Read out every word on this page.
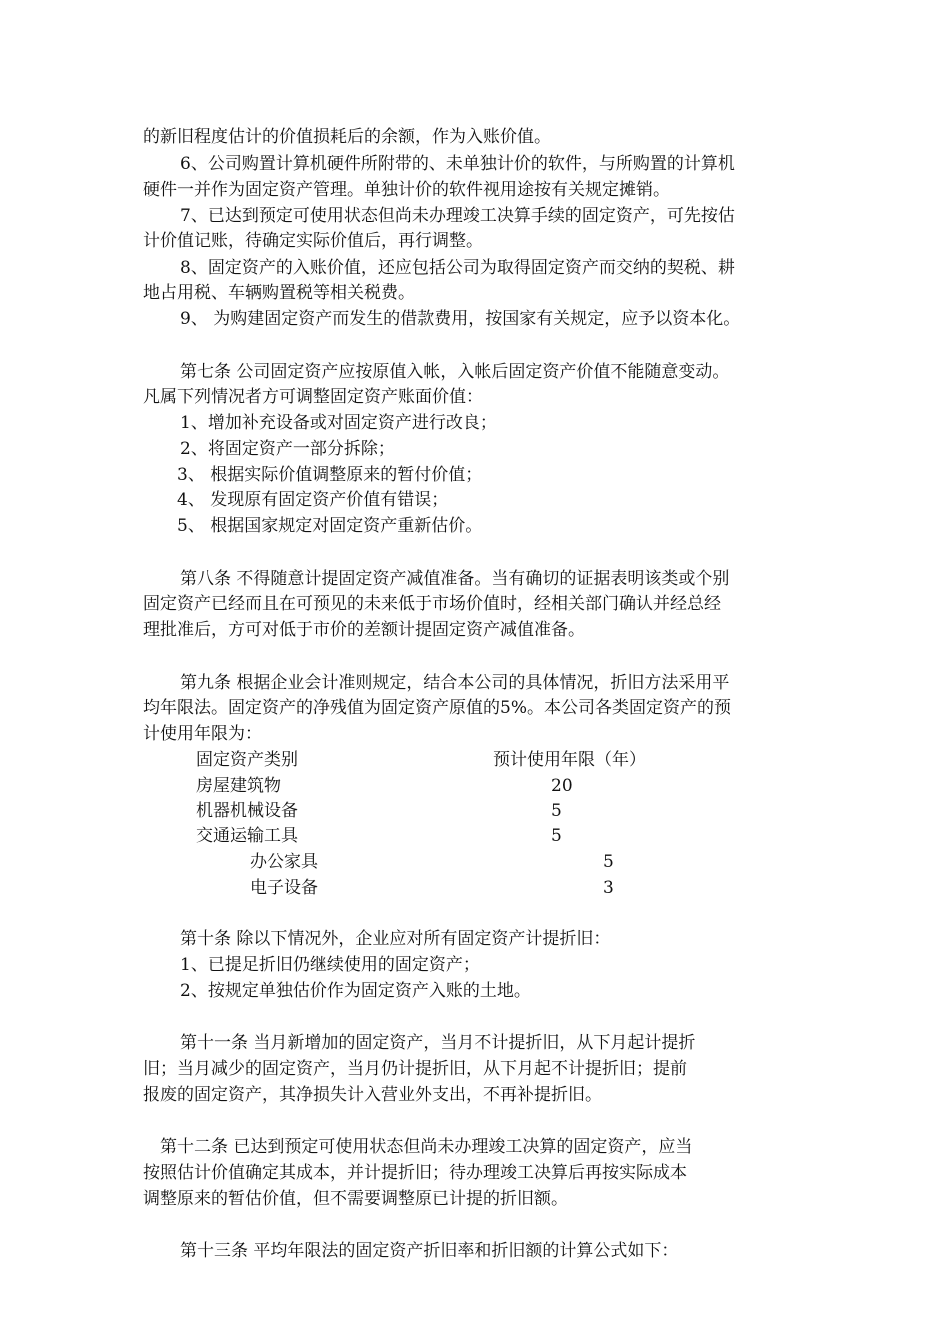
的新旧程度估计的价值损耗后的余额，作为入账价值。
6、公司购置计算机硬件所附带的、未单独计价的软件，与所购置的计算机
硬件一并作为固定资产管理。单独计价的软件视用途按有关规定摊销。
7、已达到预定可使用状态但尚未办理竣工决算手续的固定资产，可先按估
计价值记账，待确定实际价值后，再行调整。
8、固定资产的入账价值，还应包括公司为取得固定资产而交纳的契税、耕
地占用税、车辆购置税等相关税费。
9、 为购建固定资产而发生的借款费用，按国家有关规定，应予以资本化。
第七条 公司固定资产应按原值入帐，入帐后固定资产价值不能随意变动。
凡属下列情况者方可调整固定资产账面价值：
1、增加补充设备或对固定资产进行改良；
2、将固定资产一部分拆除；
3、 根据实际价值调整原来的暂付价值；
4、 发现原有固定资产价值有错误；
5、 根据国家规定对固定资产重新估价。
第八条 不得随意计提固定资产减值准备。当有确切的证据表明该类或个别
固定资产已经而且在可预见的未来低于市场价值时，经相关部门确认并经总经
理批准后，方可对低于市价的差额计提固定资产减值准备。
第九条 根据企业会计准则规定，结合本公司的具体情况，折旧方法采用平
均年限法。固定资产的净残值为固定资产原值的5%。本公司各类固定资产的预
计使用年限为：
固定资产类别	预计使用年限（年）
房屋建筑物	20
机器机械设备	5
交通运输工具	5
办公家具	5
电子设备	3
第十条 除以下情况外，企业应对所有固定资产计提折旧：
1、已提足折旧仍继续使用的固定资产；
2、按规定单独估价作为固定资产入账的土地。
第十一条 当月新增加的固定资产，当月不计提折旧，从下月起计提折
旧；当月减少的固定资产，当月仍计提折旧，从下月起不计提折旧；提前
报废的固定资产，其净损失计入营业外支出，不再补提折旧。
第十二条 已达到预定可使用状态但尚未办理竣工决算的固定资产，应当
按照估计价值确定其成本，并计提折旧；待办理竣工决算后再按实际成本
调整原来的暂估价值，但不需要调整原已计提的折旧额。
第十三条 平均年限法的固定资产折旧率和折旧额的计算公式如下：
